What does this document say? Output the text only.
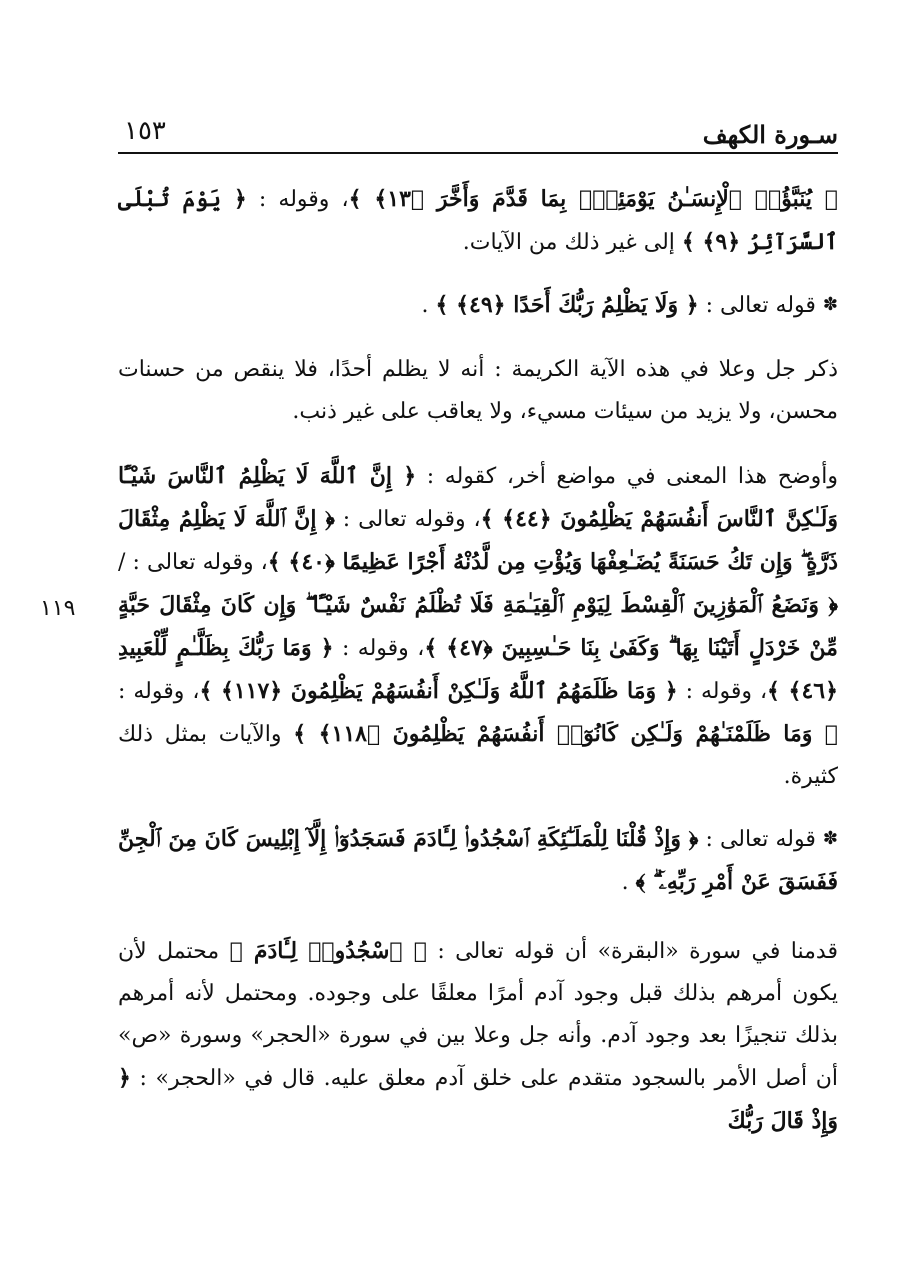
سـورة الكهف
١٥٣

﴿ يُنَبَّؤُا۟ ٱلْإِنسَـٰنُ يَوْمَئِذٍۭ بِمَا قَدَّمَ وَأَخَّرَ ﴿١٣﴾ ﴾، وقوله : ﴿ يَوْمَ تُبْلَى ٱلسَّرَآئِرُ ﴿٩﴾ ﴾ إلى غير ذلك من الآيات.

✽ قوله تعالى : ﴿ وَلَا يَظْلِمُ رَبُّكَ أَحَدًا ﴿٤٩﴾ ﴾ .

ذكر جل وعلا في هذه الآية الكريمة : أنه لا يظلم أحدًا، فلا ينقص من حسنات محسن، ولا يزيد من سيئات مسيء، ولا يعاقب على غير ذنب.

وأوضح هذا المعنى في مواضع أخر، كقوله : ﴿ إِنَّ ٱللَّهَ لَا يَظْلِمُ ٱلنَّاسَ شَيْـًٔا وَلَـٰكِنَّ ٱلنَّاسَ أَنفُسَهُمْ يَظْلِمُونَ ﴿٤٤﴾ ﴾، وقوله تعالى : ﴿ إِنَّ ٱللَّهَ لَا يَظْلِمُ مِثْقَالَ ذَرَّةٍ ۖ وَإِن تَكُ حَسَنَةً يُضَـٰعِفْهَا وَيُؤْتِ مِن لَّدُنْهُ أَجْرًا عَظِيمًا ﴿٤٠﴾ ﴾، وقوله تعالى : / ﴿ وَنَضَعُ ٱلْمَوَٰزِينَ ٱلْقِسْطَ لِيَوْمِ ٱلْقِيَـٰمَةِ فَلَا تُظْلَمُ نَفْسٌ شَيْـًٔا ۖ وَإِن كَانَ مِثْقَالَ حَبَّةٍ مِّنْ خَرْدَلٍ أَتَيْنَا بِهَا ۗ وَكَفَىٰ بِنَا حَـٰسِبِينَ ﴿٤٧﴾ ﴾، وقوله : ﴿ وَمَا رَبُّكَ بِظَلَّـٰمٍ لِّلْعَبِيدِ ﴿٤٦﴾ ﴾، وقوله : ﴿ وَمَا ظَلَمَهُمُ ٱللَّهُ وَلَـٰكِنْ أَنفُسَهُمْ يَظْلِمُونَ ﴿١١٧﴾ ﴾، وقوله : ﴿ وَمَا ظَلَمْنَـٰهُمْ وَلَـٰكِن كَانُوٓا۟ أَنفُسَهُمْ يَظْلِمُونَ ﴿١١٨﴾ ﴾ والآيات بمثل ذلك كثيرة.

✽ قوله تعالى : ﴿ وَإِذْ قُلْنَا لِلْمَلَـٰٓئِكَةِ ٱسْجُدُوا۟ لِـَٔادَمَ فَسَجَدُوٓا۟ إِلَّآ إِبْلِيسَ كَانَ مِنَ ٱلْجِنِّ فَفَسَقَ عَنْ أَمْرِ رَبِّهِۦٓ ۗ ﴾ .

قدمنا في سورة «البقرة» أن قوله تعالى : ﴿ ٱسْجُدُوا۟ لِـَٔادَمَ ﴾ محتمل لأن يكون أمرهم بذلك قبل وجود آدم أمرًا معلقًا على وجوده. ومحتمل لأنه أمرهم بذلك تنجيزًا بعد وجود آدم. وأنه جل وعلا بين في سورة «الحجر» وسورة «ص» أن أصل الأمر بالسجود متقدم على خلق آدم معلق عليه. قال في «الحجر» : ﴿ وَإِذْ قَالَ رَبُّكَ

١١٩
